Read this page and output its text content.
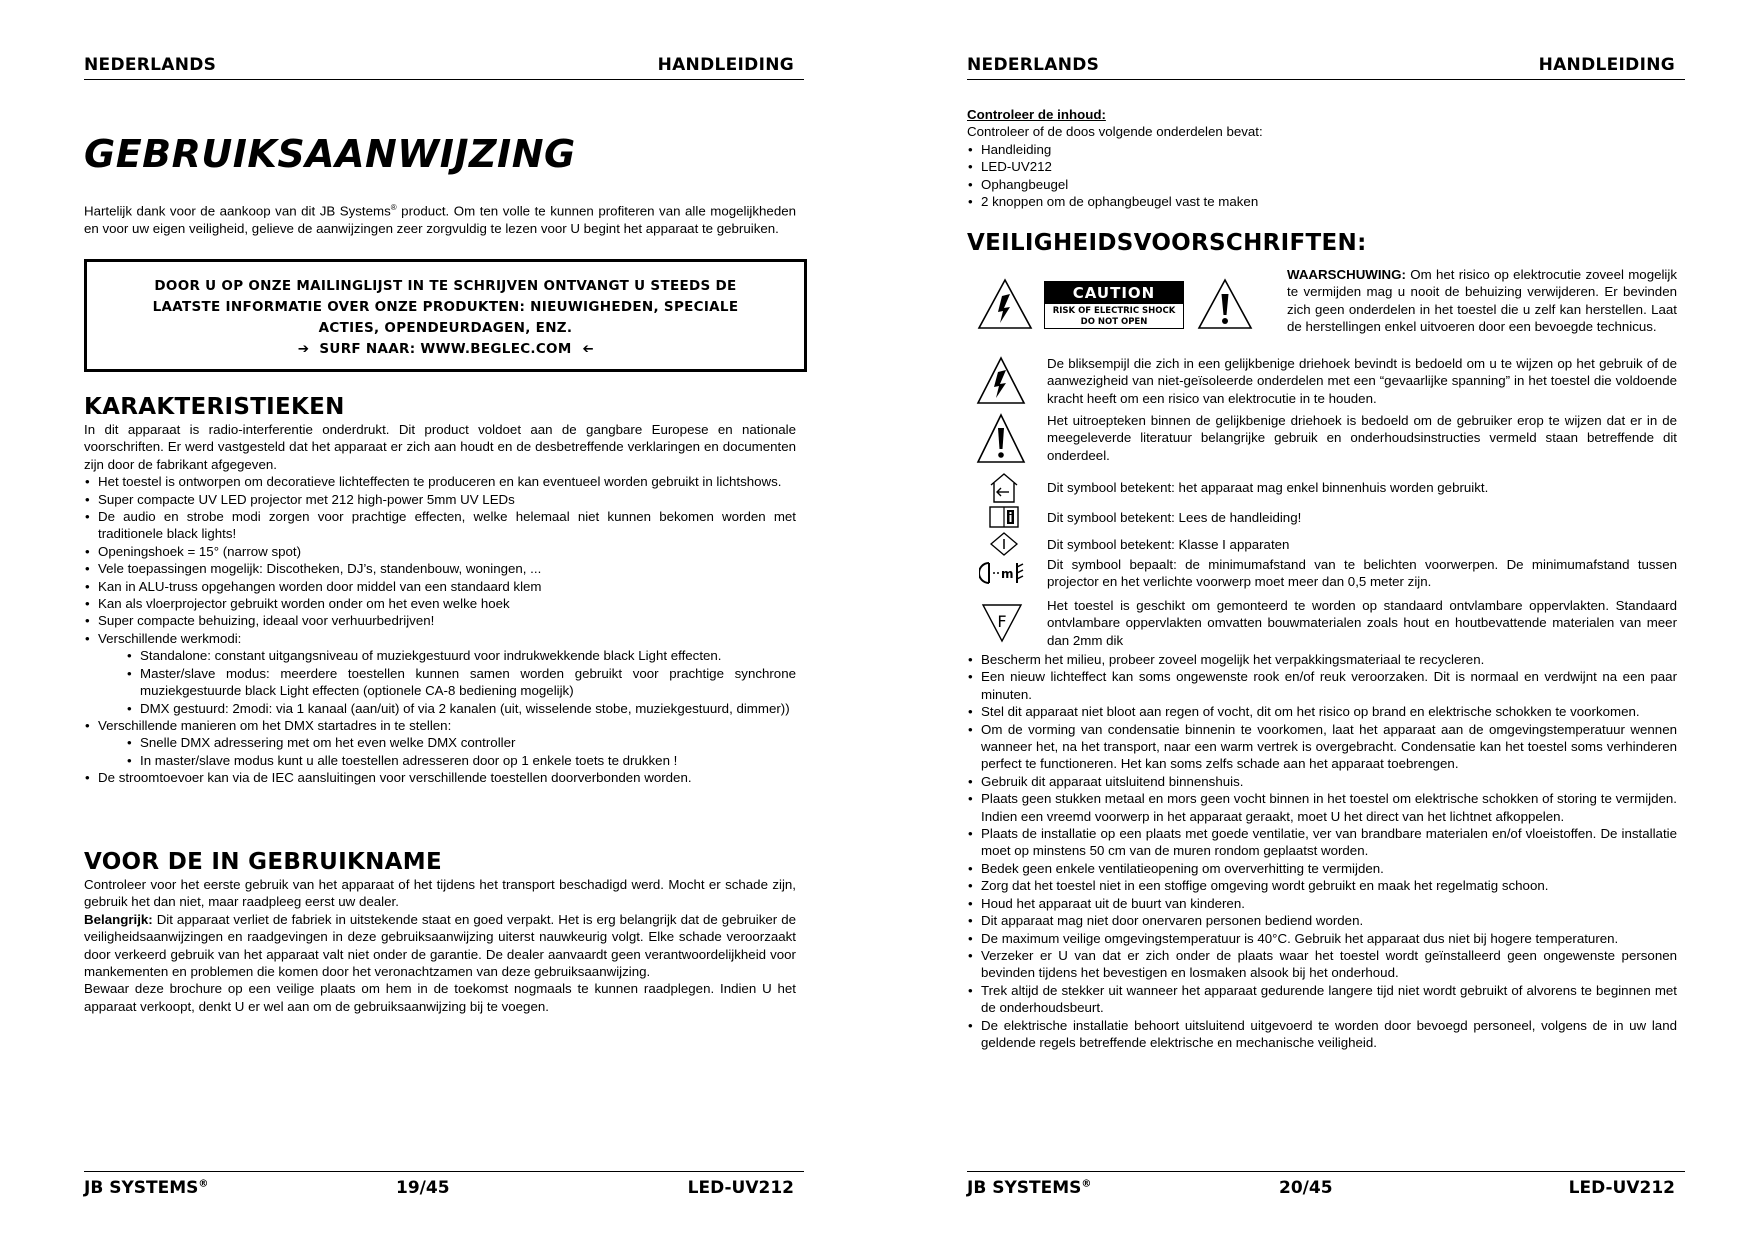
NEDERLANDS	HANDLEIDING
GEBRUIKSAANWIJZING

Hartelijk dank voor de aankoop van dit JB Systems® product. Om ten volle te kunnen profiteren van alle mogelijkheden en voor uw eigen veiligheid, gelieve de aanwijzingen zeer zorgvuldig te lezen voor U begint het apparaat te gebruiken.

DOOR U OP ONZE MAILINGLIJST IN TE SCHRIJVEN ONTVANGT U STEEDS DE
LAATSTE INFORMATIE OVER ONZE PRODUKTEN: NIEUWIGHEDEN, SPECIALE
ACTIES, OPENDEURDAGEN, ENZ.
➔ SURF NAAR: WWW.BEGLEC.COM ➔
KARAKTERISTIEKEN

In dit apparaat is radio-interferentie onderdrukt. Dit product voldoet aan de gangbare Europese en nationale voorschriften. Er werd vastgesteld dat het apparaat er zich aan houdt en de desbetreffende verklaringen en documenten zijn door de fabrikant afgegeven.

• Het toestel is ontworpen om decoratieve lichteffecten te produceren en kan eventueel worden gebruikt in lichtshows.
• Super compacte UV LED projector met 212 high-power 5mm UV LEDs
• De audio en strobe modi zorgen voor prachtige effecten, welke helemaal niet kunnen bekomen worden met traditionele black lights!
• Openingshoek = 15° (narrow spot)
• Vele toepassingen mogelijk: Discotheken, DJ’s, standenbouw, woningen, ...
• Kan in ALU-truss opgehangen worden door middel van een standaard klem
• Kan als vloerprojector gebruikt worden onder om het even welke hoek
• Super compacte behuizing, ideaal voor verhuurbedrijven!
• Verschillende werkmodi:
• Standalone: constant uitgangsniveau of muziekgestuurd voor indrukwekkende black Light effecten.
• Master/slave modus: meerdere toestellen kunnen samen worden gebruikt voor prachtige synchrone muziekgestuurde black Light effecten (optionele CA-8 bediening mogelijk)
• DMX gestuurd: 2modi: via 1 kanaal (aan/uit) of via 2 kanalen (uit, wisselende stobe, muziekgestuurd, dimmer))
• Verschillende manieren om het DMX startadres in te stellen:
• Snelle DMX adressering met om het even welke DMX controller
• In master/slave modus kunt u alle toestellen adresseren door op 1 enkele toets te drukken !
• De stroomtoevoer kan via de IEC aansluitingen voor verschillende toestellen doorverbonden worden.
VOOR DE IN GEBRUIKNAME

Controleer voor het eerste gebruik van het apparaat of het tijdens het transport beschadigd werd. Mocht er schade zijn, gebruik het dan niet, maar raadpleeg eerst uw dealer.

Belangrijk: Dit apparaat verliet de fabriek in uitstekende staat en goed verpakt. Het is erg belangrijk dat de gebruiker de veiligheidsaanwijzingen en raadgevingen in deze gebruiksaanwijzing uiterst nauwkeurig volgt. Elke schade veroorzaakt door verkeerd gebruik van het apparaat valt niet onder de garantie. De dealer aanvaardt geen verantwoordelijkheid voor mankementen en problemen die komen door het veronachtzamen van deze gebruiksaanwijzing.

Bewaar deze brochure op een veilige plaats om hem in de toekomst nogmaals te kunnen raadplegen. Indien U het apparaat verkoopt, denkt U er wel aan om de gebruiksaanwijzing bij te voegen.

JB SYSTEMS®	19/45	LED-UV212
NEDERLANDS	HANDLEIDING
Controleer de inhoud:
Controleer of de doos volgende onderdelen bevat:
• Handleiding
• LED-UV212
• Ophangbeugel
• 2 knoppen om de ophangbeugel vast te maken
VEILIGHEIDSVOORSCHRIFTEN:
CAUTION
RISK OF ELECTRIC SHOCK
DO NOT OPEN

WAARSCHUWING: Om het risico op elektrocutie zoveel mogelijk te vermijden mag u nooit de behuizing verwijderen. Er bevinden zich geen onderdelen in het toestel die u zelf kan herstellen. Laat de herstellingen enkel uitvoeren door een bevoegde technicus.

De bliksempijl die zich in een gelijkbenige driehoek bevindt is bedoeld om u te wijzen op het gebruik of de aanwezigheid van niet-geïsoleerde onderdelen met een “gevaarlijke spanning” in het toestel die voldoende kracht heeft om een risico van elektrocutie in te houden.

Het uitroepteken binnen de gelijkbenige driehoek is bedoeld om de gebruiker erop te wijzen dat er in de meegeleverde literatuur belangrijke gebruik en onderhoudsinstructies vermeld staan betreffende dit onderdeel.

Dit symbool betekent: het apparaat mag enkel binnenhuis worden gebruikt.

Dit symbool betekent: Lees de handleiding!

Dit symbool betekent: Klasse I apparaten

m

Dit symbool bepaalt: de minimumafstand van te belichten voorwerpen. De minimumafstand tussen projector en het verlichte voorwerp moet meer dan 0,5 meter zijn.

F

Het toestel is geschikt om gemonteerd te worden op standaard ontvlambare oppervlakten. Standaard ontvlambare oppervlakten omvatten bouwmaterialen zoals hout en houtbevattende materialen van meer dan 2mm dik

• Bescherm het milieu, probeer zoveel mogelijk het verpakkingsmateriaal te recycleren.
• Een nieuw lichteffect kan soms ongewenste rook en/of reuk veroorzaken. Dit is normaal en verdwijnt na een paar minuten.
• Stel dit apparaat niet bloot aan regen of vocht, dit om het risico op brand en elektrische schokken te voorkomen.
• Om de vorming van condensatie binnenin te voorkomen, laat het apparaat aan de omgevingstemperatuur wennen wanneer het, na het transport, naar een warm vertrek is overgebracht. Condensatie kan het toestel soms verhinderen perfect te functioneren. Het kan soms zelfs schade aan het apparaat toebrengen.
• Gebruik dit apparaat uitsluitend binnenshuis.
• Plaats geen stukken metaal en mors geen vocht binnen in het toestel om elektrische schokken of storing te vermijden. Indien een vreemd voorwerp in het apparaat geraakt, moet U het direct van het lichtnet afkoppelen.
• Plaats de installatie op een plaats met goede ventilatie, ver van brandbare materialen en/of vloeistoffen. De installatie moet op minstens 50 cm van de muren rondom geplaatst worden.
• Bedek geen enkele ventilatieopening om oververhitting te vermijden.
• Zorg dat het toestel niet in een stoffige omgeving wordt gebruikt en maak het regelmatig schoon.
• Houd het apparaat uit de buurt van kinderen.
• Dit apparaat mag niet door onervaren personen bediend worden.
• De maximum veilige omgevingstemperatuur is 40°C. Gebruik het apparaat dus niet bij hogere temperaturen.
• Verzeker er U van dat er zich onder de plaats waar het toestel wordt geïnstalleerd geen ongewenste personen bevinden tijdens het bevestigen en losmaken alsook bij het onderhoud.
• Trek altijd de stekker uit wanneer het apparaat gedurende langere tijd niet wordt gebruikt of alvorens te beginnen met de onderhoudsbeurt.
• De elektrische installatie behoort uitsluitend uitgevoerd te worden door bevoegd personeel, volgens de in uw land geldende regels betreffende elektrische en mechanische veiligheid.
JB SYSTEMS®	20/45	LED-UV212
